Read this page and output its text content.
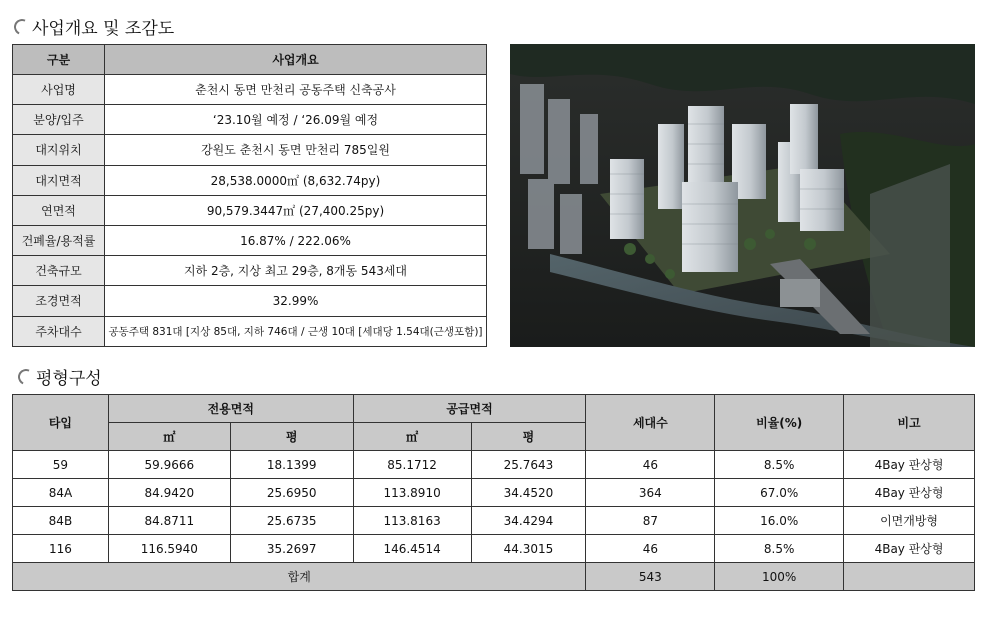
사업개요 및 조감도
구분	사업개요
사업명	춘천시 동면 만천리 공동주택 신축공사
분양/입주	‘23.10월 예정 / ‘26.09월 예정
대지위치	강원도 춘천시 동면 만천리 785일원
대지면적	28,538.0000㎡ (8,632.74py)
연면적	90,579.3447㎡ (27,400.25py)
건폐율/용적률	16.87% / 222.06%
건축규모	지하 2층, 지상 최고 29층, 8개동 543세대
조경면적	32.99%
주차대수	공동주택 831대 [지상 85대, 지하 746대 / 근생 10대 [세대당 1.54대(근생포함)]
평형구성
타입	전용면적		공급면적		세대수	비율(%)	비고
	㎡	평	㎡	평			
59	59.9666	18.1399	85.1712	25.7643	46	8.5%	4Bay 판상형
84A	84.9420	25.6950	113.8910	34.4520	364	67.0%	4Bay 판상형
84B	84.8711	25.6735	113.8163	34.4294	87	16.0%	이면개방형
116	116.5940	35.2697	146.4514	44.3015	46	8.5%	4Bay 판상형
합계					543	100%	
